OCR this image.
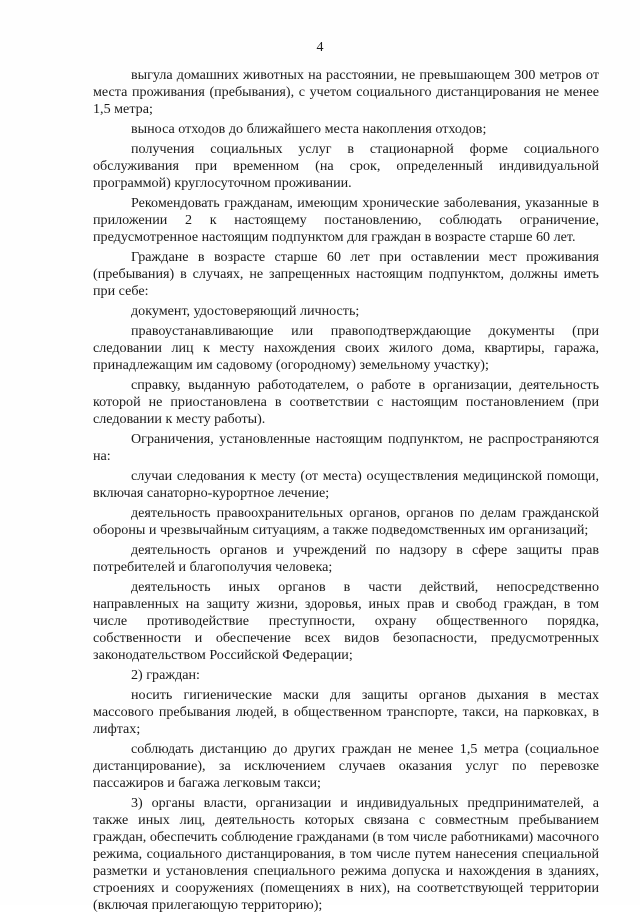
4

выгула домашних животных на расстоянии, не превышающем 300 метров от места проживания (пребывания), с учетом социального дистанцирования не менее 1,5 метра;

выноса отходов до ближайшего места накопления отходов;

получения социальных услуг в стационарной форме социального обслуживания при временном (на срок, определенный индивидуальной программой) круглосуточном проживании.

Рекомендовать гражданам, имеющим хронические заболевания, указанные в приложении 2 к настоящему постановлению, соблюдать ограничение, предусмотренное настоящим подпунктом для граждан в возрасте старше 60 лет.

Граждане в возрасте старше 60 лет при оставлении мест проживания (пребывания) в случаях, не запрещенных настоящим подпунктом, должны иметь при себе:

документ, удостоверяющий личность;

правоустанавливающие или правоподтверждающие документы (при следовании лиц к месту нахождения своих жилого дома, квартиры, гаража, принадлежащим им садовому (огородному) земельному участку);

справку, выданную работодателем, о работе в организации, деятельность которой не приостановлена в соответствии с настоящим постановлением (при следовании к месту работы).

Ограничения, установленные настоящим подпунктом, не распространяются на:

случаи следования к месту (от места) осуществления медицинской помощи, включая санаторно-курортное лечение;

деятельность правоохранительных органов, органов по делам гражданской обороны и чрезвычайным ситуациям, а также подведомственных им организаций;

деятельность органов и учреждений по надзору в сфере защиты прав потребителей и благополучия человека;

деятельность иных органов в части действий, непосредственно направленных на защиту жизни, здоровья, иных прав и свобод граждан, в том числе противодействие преступности, охрану общественного порядка, собственности и обеспечение всех видов безопасности, предусмотренных законодательством Российской Федерации;

2) граждан:

носить гигиенические маски для защиты органов дыхания в местах массового пребывания людей, в общественном транспорте, такси, на парковках, в лифтах;

соблюдать дистанцию до других граждан не менее 1,5 метра (социальное дистанцирование), за исключением случаев оказания услуг по перевозке пассажиров и багажа легковым такси;

3) органы власти, организации и индивидуальных предпринимателей, а также иных лиц, деятельность которых связана с совместным пребыванием граждан, обеспечить соблюдение гражданами (в том числе работниками) масочного режима, социального дистанцирования, в том числе путем нанесения специальной разметки и установления специального режима допуска и нахождения в зданиях, строениях и сооружениях (помещениях в них), на соответствующей территории (включая прилегающую территорию);
